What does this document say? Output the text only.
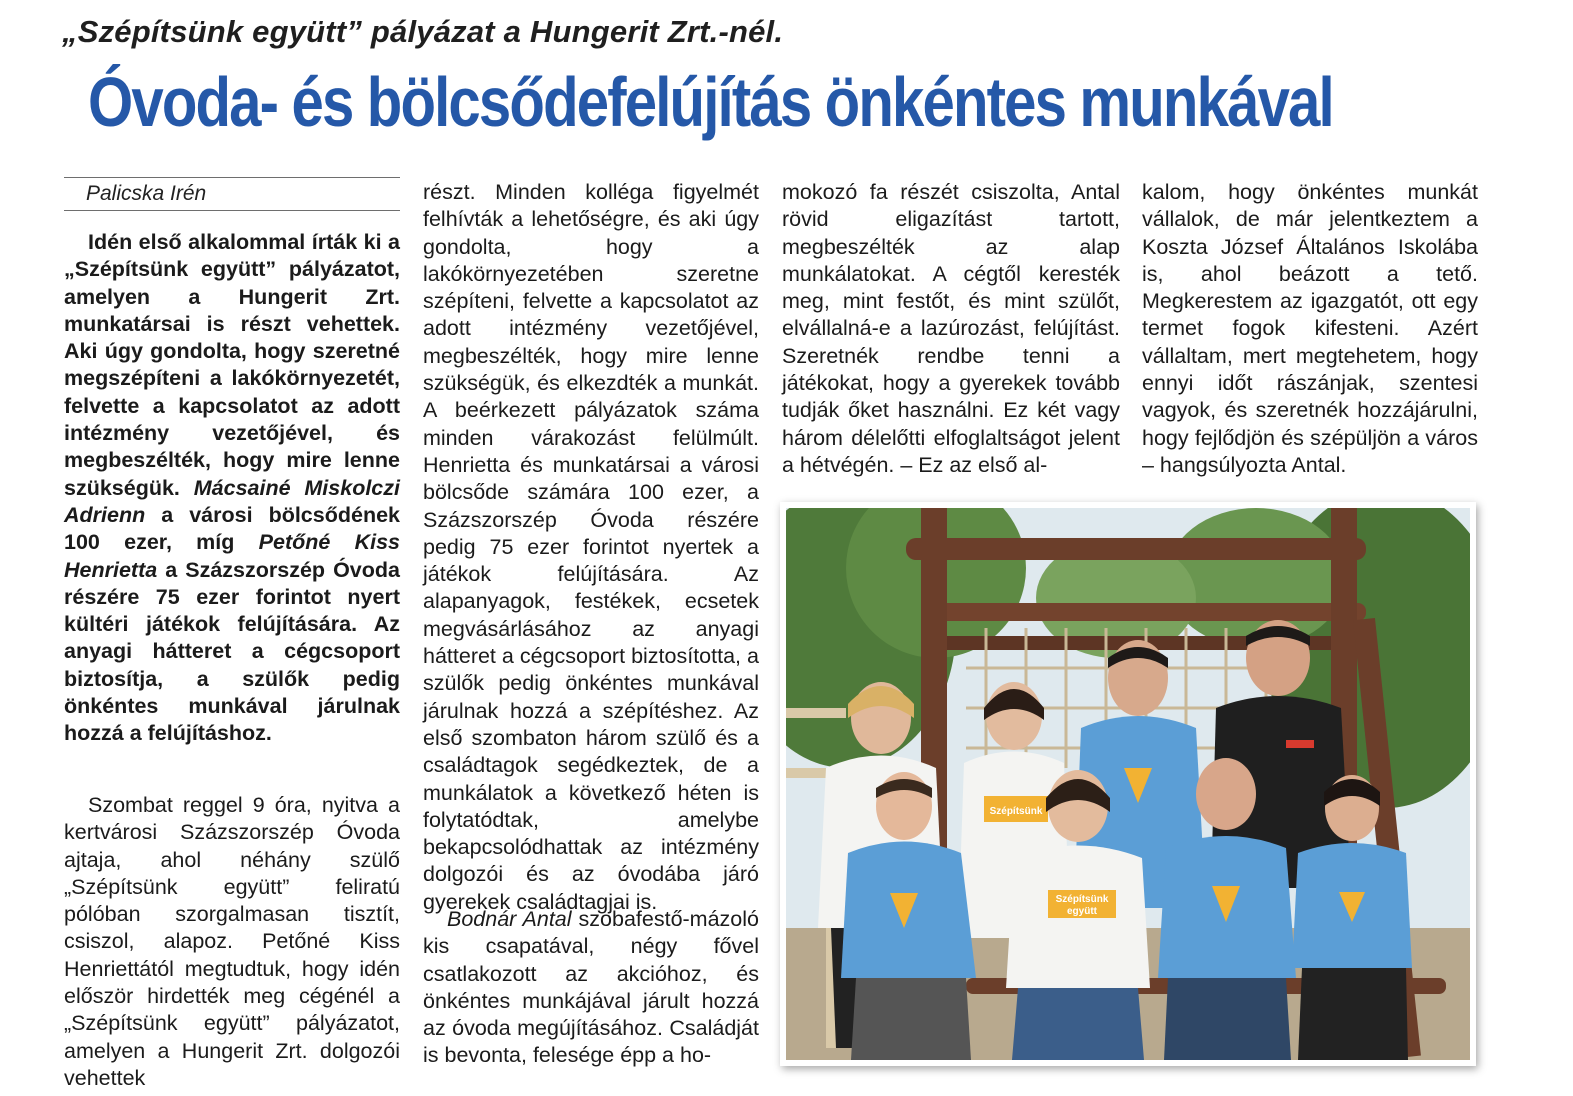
„Szépítsünk együtt” pályázat a Hungerit Zrt.-nél.
Óvoda- és bölcsődefelújítás önkéntes munkával
Palicska Irén

Idén első alkalommal írták ki a „Szépítsünk együtt” pályázatot, amelyen a Hungerit Zrt. munkatársai is részt vehettek. Aki úgy gondolta, hogy szeretné megszépíteni a lakókörnyezetét, felvette a kapcsolatot az adott intézmény vezetőjével, és megbeszélték, hogy mire lenne szükségük. Mácsainé Miskolczi Adrienn a városi bölcsődének 100 ezer, míg Petőné Kiss Henrietta a Százszorszép Óvoda részére 75 ezer forintot nyert kültéri játékok felújítására. Az anyagi hátteret a cégcsoport biztosítja, a szülők pedig önkéntes munkával járulnak hozzá a felújításhoz.

Szombat reggel 9 óra, nyitva a kertvárosi Százszorszép Óvoda ajtaja, ahol néhány szülő „Szépítsünk együtt” feliratú pólóban szorgalmasan tisztít, csiszol, alapoz. Petőné Kiss Henriettától megtudtuk, hogy idén először hirdették meg cégénél a „Szépítsünk együtt” pályázatot, amelyen a Hungerit Zrt. dolgozói vehettek

részt. Minden kolléga figyelmét felhívták a lehetőségre, és aki úgy gondolta, hogy a lakókörnyezetében szeretne szépíteni, felvette a kapcsolatot az adott intézmény vezetőjével, megbeszélték, hogy mire lenne szükségük, és elkezdték a munkát. A beérkezett pályázatok száma minden várakozást felülmúlt. Henrietta és munkatársai a városi bölcsőde számára 100 ezer, a Százszorszép Óvoda részére pedig 75 ezer forintot nyertek a játékok felújítására. Az alapanyagok, festékek, ecsetek megvásárlásához az anyagi hátteret a cégcsoport biztosította, a szülők pedig önkéntes munkával járulnak hozzá a szépítéshez. Az első szombaton három szülő és a családtagok segédkeztek, de a munkálatok a következő héten is folytatódtak, amelybe bekapcsolódhattak az intézmény dolgozói és az óvodába járó gyerekek családtagjai is.

Bodnár Antal szobafestő-mázoló kis csapatával, négy fővel csatlakozott az akcióhoz, és önkéntes munkájával járult hozzá az óvoda megújításához. Családját is bevonta, felesége épp a ho-

mokozó fa részét csiszolta, Antal rövid eligazítást tartott, megbeszélték az alap munkálatokat. A cégtől keresték meg, mint festőt, és mint szülőt, elvállalná-e a lazúrozást, felújítást. Szeretnék rendbe tenni a játékokat, hogy a gyerekek tovább tudják őket használni. Ez két vagy három délelőtti elfoglaltságot jelent a hétvégén. – Ez az első al-

kalom, hogy önkéntes munkát vállalok, de már jelentkeztem a Koszta József Általános Iskolába is, ahol beázott a tető. Megkerestem az igazgatót, ott egy termet fogok kifesteni. Azért vállaltam, mert megtehetem, hogy ennyi időt rászánjak, szentesi vagyok, és szeretnék hozzájárulni, hogy fejlődjön és szépüljön a város – hangsúlyozta Antal.

Szépítsünk
Szépítsünk
együtt
